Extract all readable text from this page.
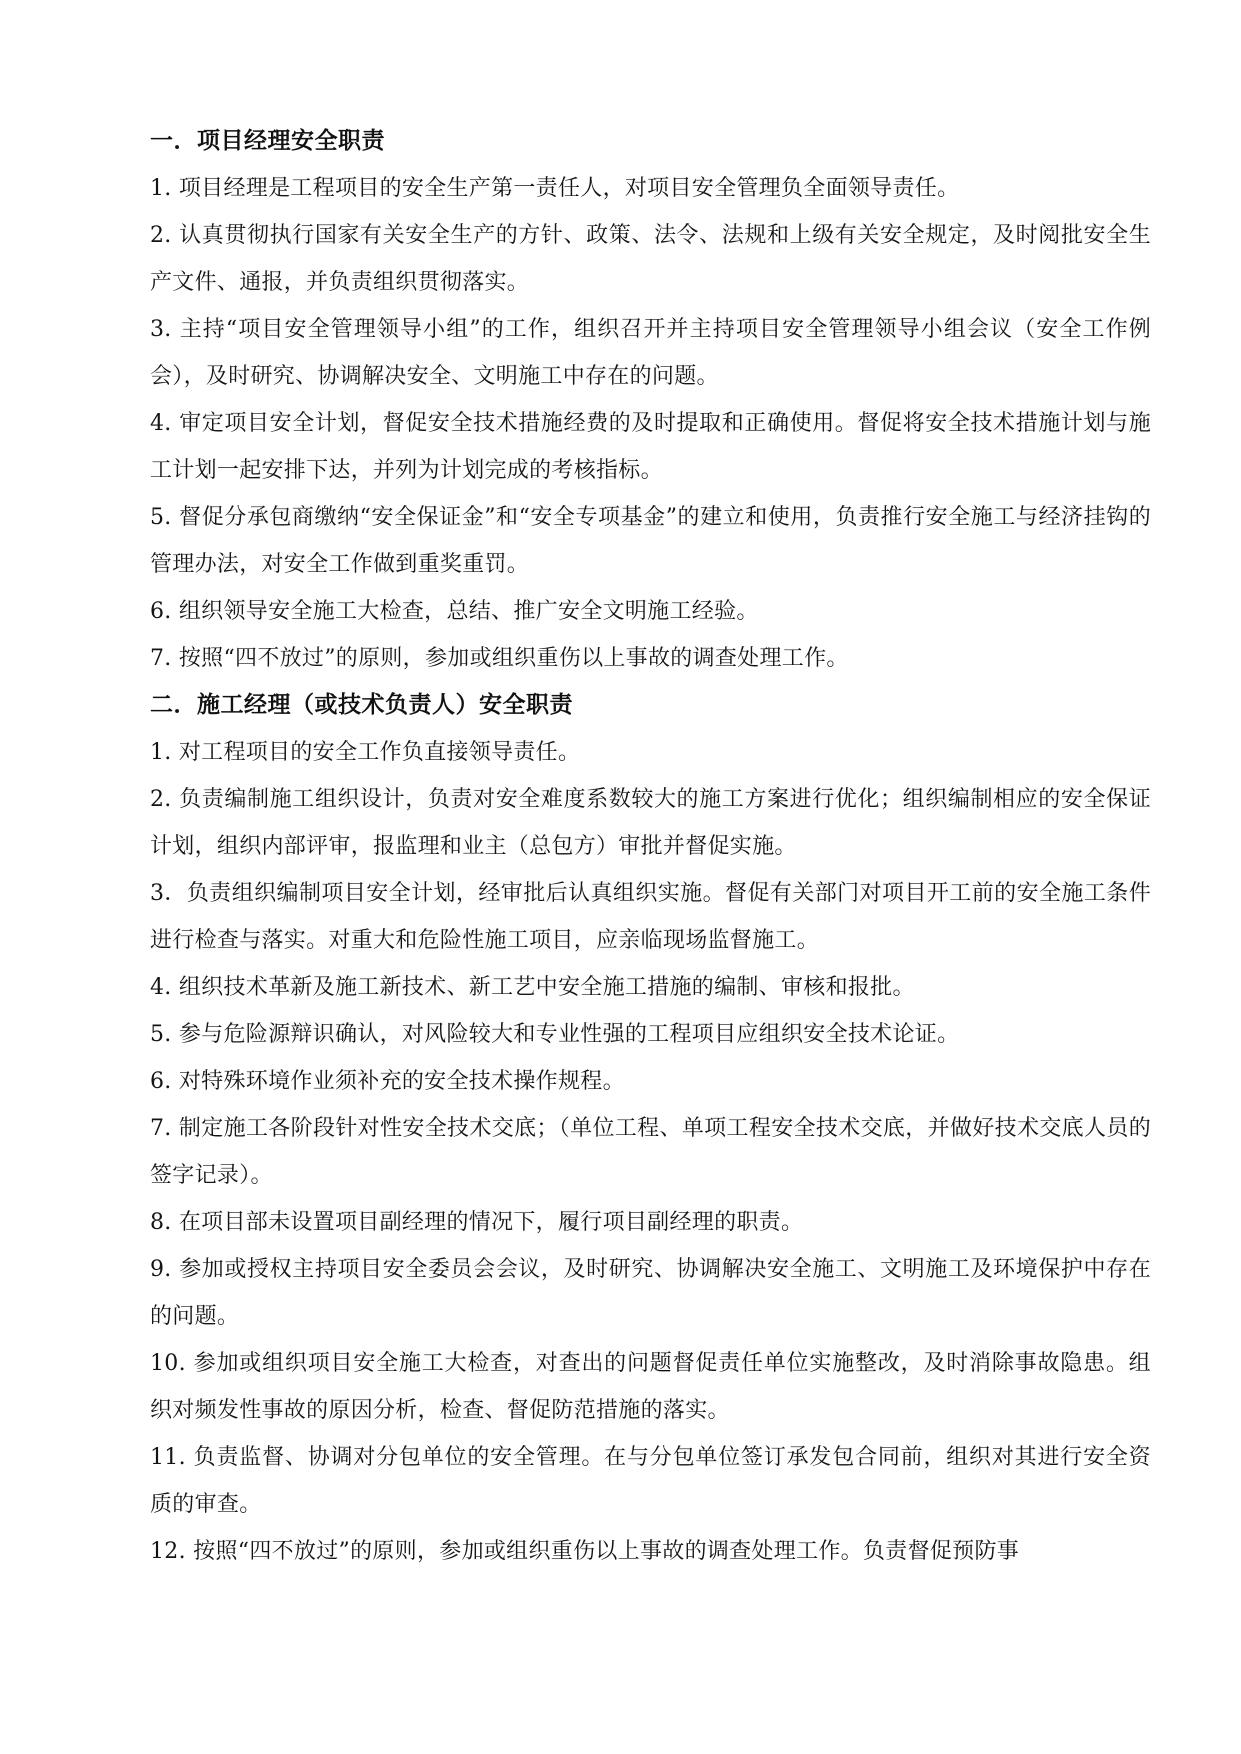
一．项目经理安全职责

1. 项目经理是工程项目的安全生产第一责任人，对项目安全管理负全面领导责任。

2. 认真贯彻执行国家有关安全生产的方针、政策、法令、法规和上级有关安全规定，及时阅批安全生产文件、通报，并负责组织贯彻落实。

3. 主持“项目安全管理领导小组”的工作，组织召开并主持项目安全管理领导小组会议（安全工作例会），及时研究、协调解决安全、文明施工中存在的问题。

4. 审定项目安全计划，督促安全技术措施经费的及时提取和正确使用。督促将安全技术措施计划与施工计划一起安排下达，并列为计划完成的考核指标。

5. 督促分承包商缴纳“安全保证金”和“安全专项基金”的建立和使用，负责推行安全施工与经济挂钩的管理办法，对安全工作做到重奖重罚。

6. 组织领导安全施工大检查，总结、推广安全文明施工经验。

7. 按照“四不放过”的原则，参加或组织重伤以上事故的调查处理工作。

二．施工经理（或技术负责人）安全职责

1. 对工程项目的安全工作负直接领导责任。

2. 负责编制施工组织设计，负责对安全难度系数较大的施工方案进行优化；组织编制相应的安全保证计划，组织内部评审，报监理和业主（总包方）审批并督促实施。

3．负责组织编制项目安全计划，经审批后认真组织实施。督促有关部门对项目开工前的安全施工条件进行检查与落实。对重大和危险性施工项目，应亲临现场监督施工。

4. 组织技术革新及施工新技术、新工艺中安全施工措施的编制、审核和报批。

5. 参与危险源辩识确认，对风险较大和专业性强的工程项目应组织安全技术论证。

6. 对特殊环境作业须补充的安全技术操作规程。

7. 制定施工各阶段针对性安全技术交底；（单位工程、单项工程安全技术交底，并做好技术交底人员的签字记录）。

8. 在项目部未设置项目副经理的情况下，履行项目副经理的职责。

9. 参加或授权主持项目安全委员会会议，及时研究、协调解决安全施工、文明施工及环境保护中存在的问题。

10. 参加或组织项目安全施工大检查，对查出的问题督促责任单位实施整改，及时消除事故隐患。组织对频发性事故的原因分析，检查、督促防范措施的落实。

11. 负责监督、协调对分包单位的安全管理。在与分包单位签订承发包合同前，组织对其进行安全资质的审查。

12. 按照“四不放过”的原则，参加或组织重伤以上事故的调查处理工作。负责督促预防事
